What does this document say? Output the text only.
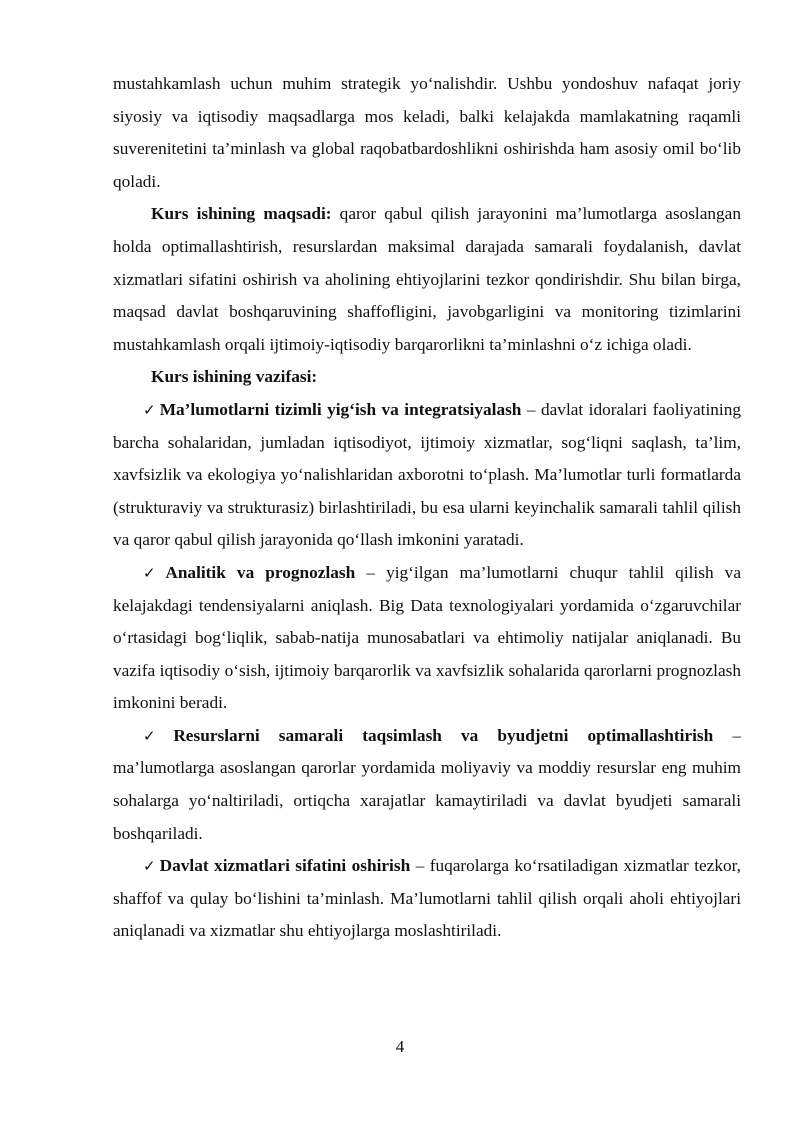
mustahkamlash uchun muhim strategik yo‘nalishdir. Ushbu yondoshuv nafaqat joriy siyosiy va iqtisodiy maqsadlarga mos keladi, balki kelajakda mamlakatning raqamli suverenitetini ta’minlash va global raqobatbardoshlikni oshirishda ham asosiy omil bo‘lib qoladi.

Kurs ishining maqsadi: qaror qabul qilish jarayonini ma’lumotlarga asoslangan holda optimallashtirish, resurslardan maksimal darajada samarali foydalanish, davlat xizmatlari sifatini oshirish va aholining ehtiyojlarini tezkor qondirishdir. Shu bilan birga, maqsad davlat boshqaruvining shaffofligini, javobgarligini va monitoring tizimlarini mustahkamlash orqali ijtimoiy-iqtisodiy barqarorlikni ta’minlashni o‘z ichiga oladi.

Kurs ishining vazifasi:

✓ Ma’lumotlarni tizimli yig‘ish va integratsiyalash – davlat idoralari faoliyatining barcha sohalaridan, jumladan iqtisodiyot, ijtimoiy xizmatlar, sog‘liqni saqlash, ta’lim, xavfsizlik va ekologiya yo‘nalishlaridan axborotni to‘plash. Ma’lumotlar turli formatlarda (strukturaviy va strukturasiz) birlashtiriladi, bu esa ularni keyinchalik samarali tahlil qilish va qaror qabul qilish jarayonida qo‘llash imkonini yaratadi.

✓ Analitik va prognozlash – yig‘ilgan ma’lumotlarni chuqur tahlil qilish va kelajakdagi tendensiyalarni aniqlash. Big Data texnologiyalari yordamida o‘zgaruvchilar o‘rtasidagi bog‘liqlik, sabab-natija munosabatlari va ehtimoliy natijalar aniqlanadi. Bu vazifa iqtisodiy o‘sish, ijtimoiy barqarorlik va xavfsizlik sohalarida qarorlarni prognozlash imkonini beradi.

✓ Resurslarni samarali taqsimlash va byudjetni optimallashtirish – ma’lumotlarga asoslangan qarorlar yordamida moliyaviy va moddiy resurslar eng muhim sohalarga yo‘naltiriladi, ortiqcha xarajatlar kamaytiriladi va davlat byudjeti samarali boshqariladi.

✓ Davlat xizmatlari sifatini oshirish – fuqarolarga ko‘rsatiladigan xizmatlar tezkor, shaffof va qulay bo‘lishini ta’minlash. Ma’lumotlarni tahlil qilish orqali aholi ehtiyojlari aniqlanadi va xizmatlar shu ehtiyojlarga moslashtiriladi.

4
